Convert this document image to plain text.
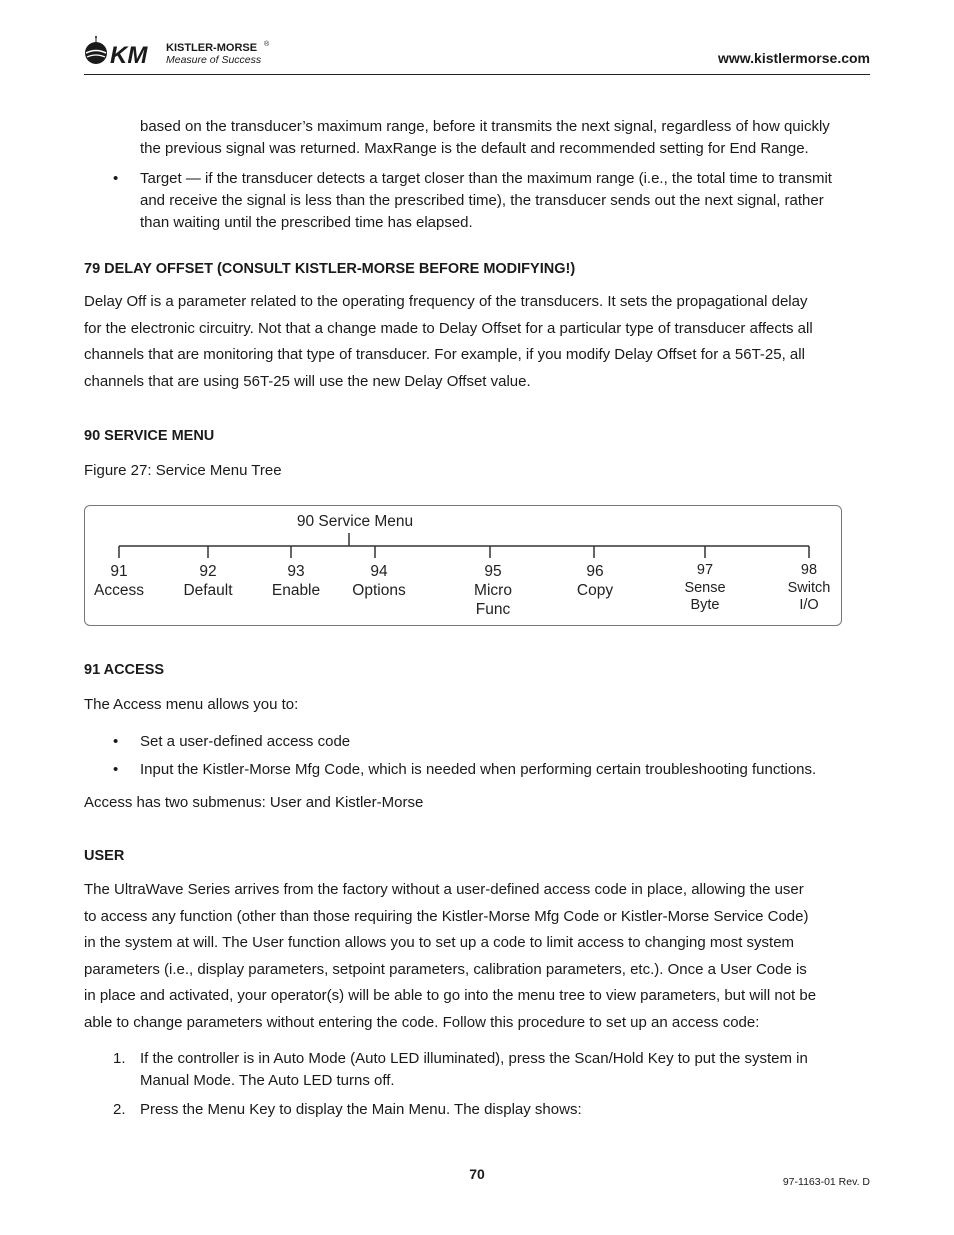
KM KISTLER-MORSE ®
Measure of Success	www.kistlermorse.com

based on the transducer’s maximum range, before it transmits the next signal, regardless of how quickly
the previous signal was returned. MaxRange is the default and recommended setting for End Range.

• Target — if the transducer detects a target closer than the maximum range (i.e., the total time to transmit
and receive the signal is less than the prescribed time), the transducer sends out the next signal, rather
than waiting until the prescribed time has elapsed.

79 DELAY OFFSET (CONSULT KISTLER-MORSE BEFORE MODIFYING!)

Delay Off is a parameter related to the operating frequency of the transducers. It sets the propagational delay
for the electronic circuitry. Not that a change made to Delay Offset for a particular type of transducer affects all
channels that are monitoring that type of transducer. For example, if you modify Delay Offset for a 56T-25, all
channels that are using 56T-25 will use the new Delay Offset value.

90 SERVICE MENU
Figure 27: Service Menu Tree
90 Service Menu
91
Access
92
Default
93
Enable
94
Options
95
Micro
Func
96
Copy
97
Sense
Byte
98
Switch
I/O
91 ACCESS
The Access menu allows you to:
• Set a user-defined access code
• Input the Kistler-Morse Mfg Code, which is needed when performing certain troubleshooting functions.
Access has two submenus: User and Kistler-Morse
USER

The UltraWave Series arrives from the factory without a user-defined access code in place, allowing the user
to access any function (other than those requiring the Kistler-Morse Mfg Code or Kistler-Morse Service Code)
in the system at will. The User function allows you to set up a code to limit access to changing most system
parameters (i.e., display parameters, setpoint parameters, calibration parameters, etc.). Once a User Code is
in place and activated, your operator(s) will be able to go into the menu tree to view parameters, but will not be
able to change parameters without entering the code. Follow this procedure to set up an access code:

1. If the controller is in Auto Mode (Auto LED illuminated), press the Scan/Hold Key to put the system in
Manual Mode. The Auto LED turns off.

2. Press the Menu Key to display the Main Menu. The display shows:

70	97-1163-01 Rev. D
